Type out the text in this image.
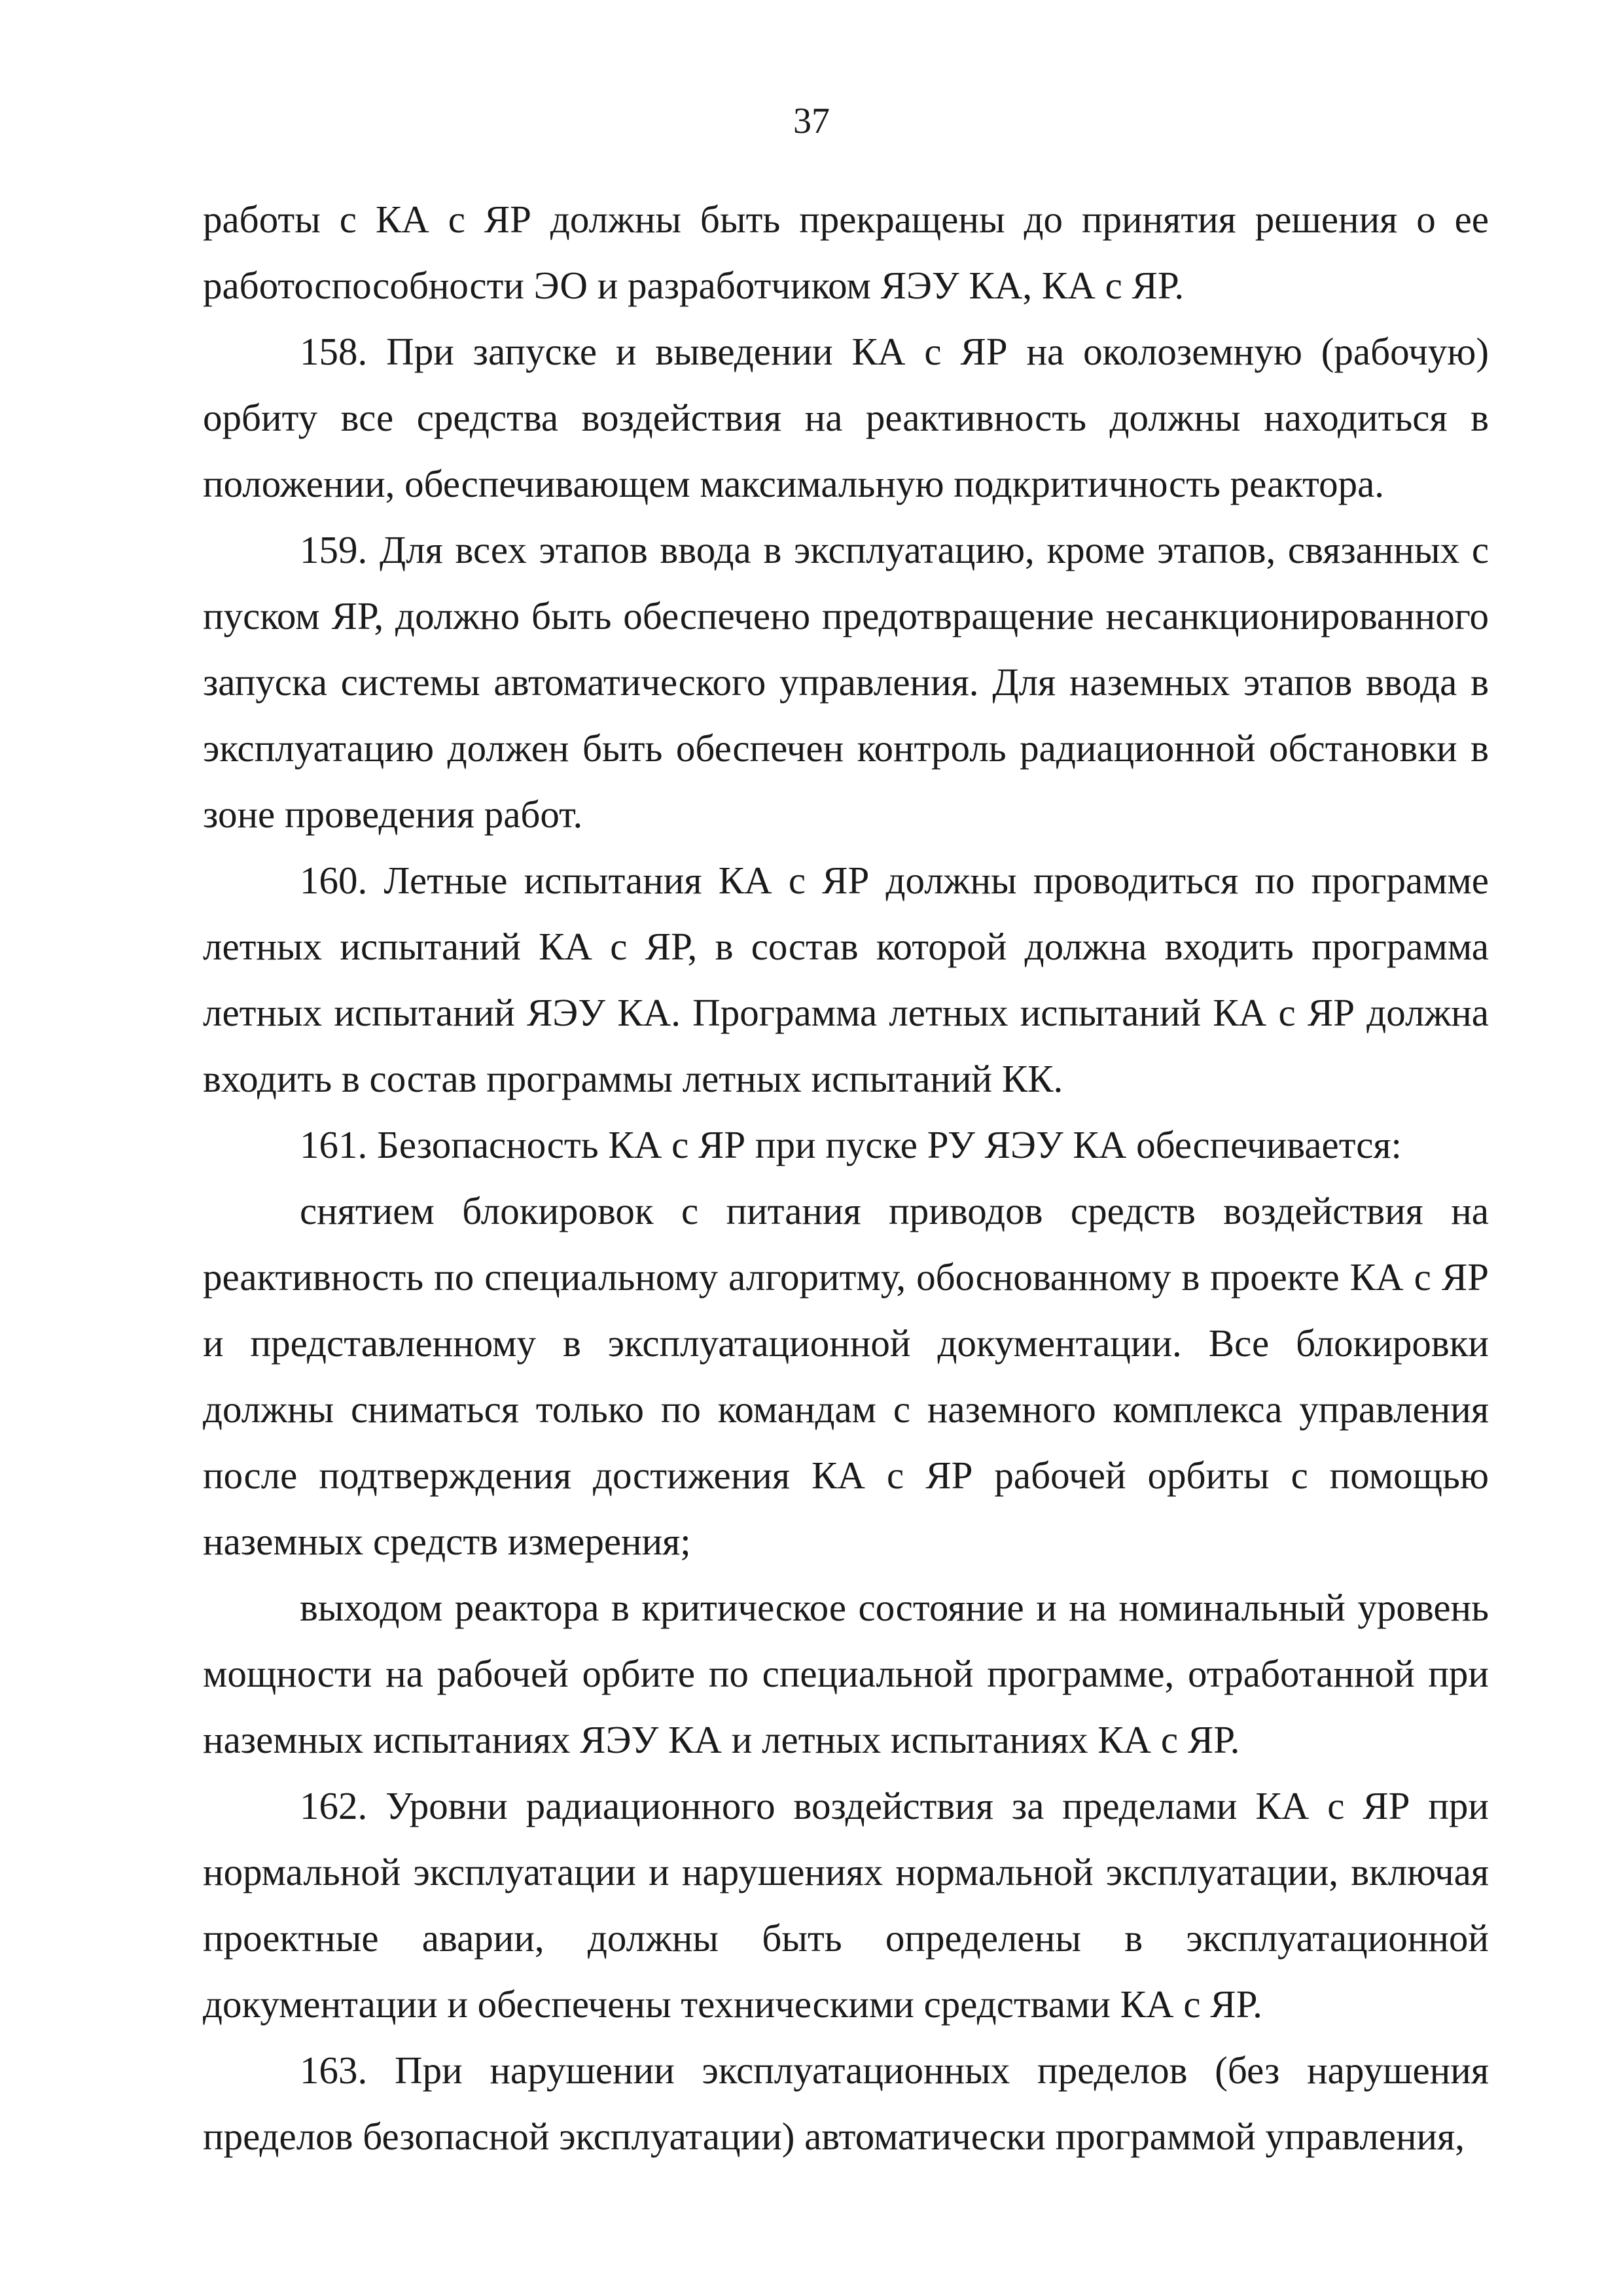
37

работы с КА с ЯР должны быть прекращены до принятия решения о ее работоспособности ЭО и разработчиком ЯЭУ КА, КА с ЯР.

158. При запуске и выведении КА с ЯР на околоземную (рабочую) орбиту все средства воздействия на реактивность должны находиться в положении, обеспечивающем максимальную подкритичность реактора.

159. Для всех этапов ввода в эксплуатацию, кроме этапов, связанных с пуском ЯР, должно быть обеспечено предотвращение несанкционированного запуска системы автоматического управления. Для наземных этапов ввода в эксплуатацию должен быть обеспечен контроль радиационной обстановки в зоне проведения работ.

160. Летные испытания КА с ЯР должны проводиться по программе летных испытаний КА с ЯР, в состав которой должна входить программа летных испытаний ЯЭУ КА. Программа летных испытаний КА с ЯР должна входить в состав программы летных испытаний КК.

161. Безопасность КА с ЯР при пуске РУ ЯЭУ КА обеспечивается:

снятием блокировок с питания приводов средств воздействия на реактивность по специальному алгоритму, обоснованному в проекте КА с ЯР и представленному в эксплуатационной документации. Все блокировки должны сниматься только по командам с наземного комплекса управления после подтверждения достижения КА с ЯР рабочей орбиты с помощью наземных средств измерения;

выходом реактора в критическое состояние и на номинальный уровень мощности на рабочей орбите по специальной программе, отработанной при наземных испытаниях ЯЭУ КА и летных испытаниях КА с ЯР.

162. Уровни радиационного воздействия за пределами КА с ЯР при нормальной эксплуатации и нарушениях нормальной эксплуатации, включая проектные аварии, должны быть определены в эксплуатационной документации и обеспечены техническими средствами КА с ЯР.

163. При нарушении эксплуатационных пределов (без нарушения пределов безопасной эксплуатации) автоматически программой управления,
